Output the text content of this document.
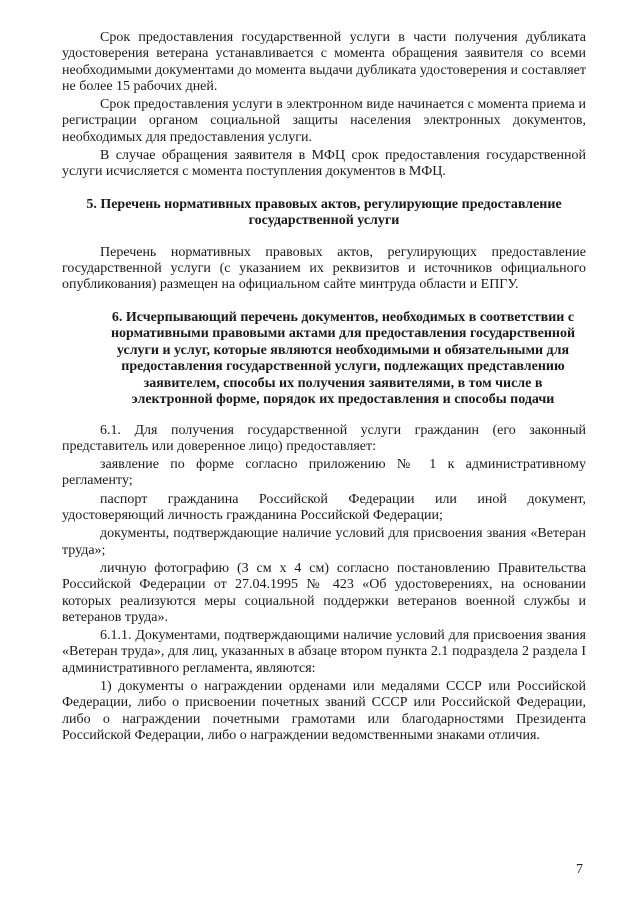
Срок предоставления государственной услуги в части получения дубликата удостоверения ветерана устанавливается с момента обращения заявителя со всеми необходимыми документами до момента выдачи дубликата удостоверения и составляет не более 15 рабочих дней.

Срок предоставления услуги в электронном виде начинается с момента приема и регистрации органом социальной защиты населения электронных документов, необходимых для предоставления услуги.

В случае обращения заявителя в МФЦ срок предоставления государственной услуги исчисляется с момента поступления документов в МФЦ.

5. Перечень нормативных правовых актов, регулирующие предоставление государственной услуги

Перечень нормативных правовых актов, регулирующих предоставление государственной услуги (с указанием их реквизитов и источников официального опубликования) размещен на официальном сайте минтруда области и ЕПГУ.

6. Исчерпывающий перечень документов, необходимых в соответствии с нормативными правовыми актами для предоставления государственной услуги и услуг, которые являются необходимыми и обязательными для предоставления государственной услуги, подлежащих представлению заявителем, способы их получения заявителями, в том числе в электронной форме, порядок их предоставления и способы подачи

6.1. Для получения государственной услуги гражданин (его законный представитель или доверенное лицо) предоставляет:

заявление по форме согласно приложению № 1 к административному регламенту;

паспорт гражданина Российской Федерации или иной документ, удостоверяющий личность гражданина Российской Федерации;

документы, подтверждающие наличие условий для присвоения звания «Ветеран труда»;

личную фотографию (3 см х 4 см) согласно постановлению Правительства Российской Федерации от 27.04.1995 № 423 «Об удостоверениях, на основании которых реализуются меры социальной поддержки ветеранов военной службы и ветеранов труда».

6.1.1. Документами, подтверждающими наличие условий для присвоения звания «Ветеран труда», для лиц, указанных в абзаце втором пункта 2.1 подраздела 2 раздела I административного регламента, являются:

1) документы о награждении орденами или медалями СССР или Российской Федерации, либо о присвоении почетных званий СССР или Российской Федерации, либо о награждении почетными грамотами или благодарностями Президента Российской Федерации, либо о награждении ведомственными знаками отличия.

7
